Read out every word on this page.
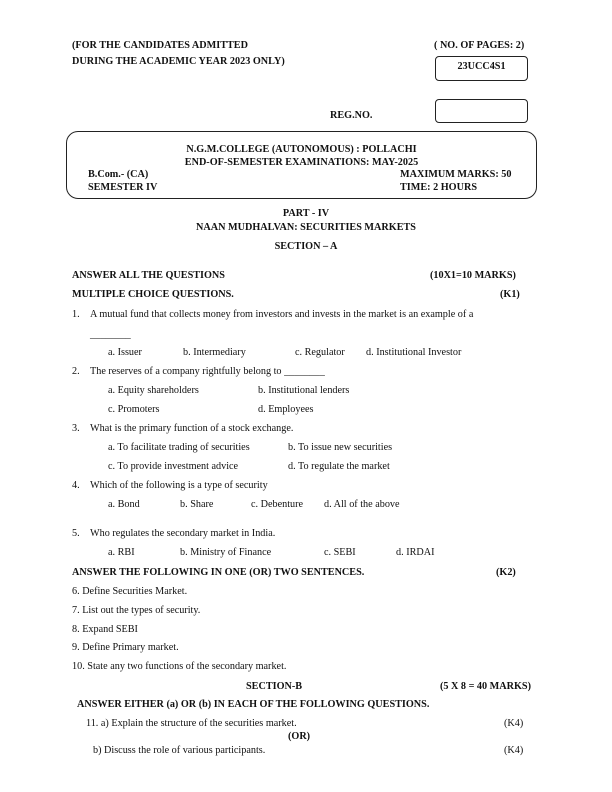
(FOR THE CANDIDATES ADMITTED
DURING THE ACADEMIC YEAR 2023 ONLY)
( NO. OF PAGES: 2)
23UCC4S1
REG.NO.
N.G.M.COLLEGE (AUTONOMOUS) : POLLACHI
END-OF-SEMESTER EXAMINATIONS: MAY-2025
B.Com.- (CA)	MAXIMUM MARKS: 50
SEMESTER IV	TIME: 2 HOURS
PART - IV
NAAN MUDHALVAN: SECURITIES MARKETS
SECTION – A
ANSWER ALL THE QUESTIONS	(10X1=10 MARKS)
MULTIPLE CHOICE QUESTIONS.	(K1)
1. A mutual fund that collects money from investors and invests in the market is an example of a
________
a. Issuer	b. Intermediary	c. Regulator d. Institutional Investor
2. The reserves of a company rightfully belong to ________
a. Equity shareholders	b. Institutional lenders
c. Promoters	d. Employees
3. What is the primary function of a stock exchange.
a. To facilitate trading of securities	b. To issue new securities
c. To provide investment advice	d. To regulate the market
4. Which of the following is a type of security
a. Bond	b. Share	c. Debenture d. All of the above
5. Who regulates the secondary market in India.
a. RBI	b. Ministry of Finance	c. SEBI	d. IRDAI
ANSWER THE FOLLOWING IN ONE (OR) TWO SENTENCES.	(K2)
6. Define Securities Market.
7. List out the types of security.
8. Expand SEBI
9. Define Primary market.
10. State any two functions of the secondary market.
SECTION-B	(5 X 8 = 40 MARKS)
ANSWER EITHER (a) OR (b) IN EACH OF THE FOLLOWING QUESTIONS.
11. a) Explain the structure of the securities market.	(K4)
(OR)
b) Discuss the role of various participants.	(K4)
